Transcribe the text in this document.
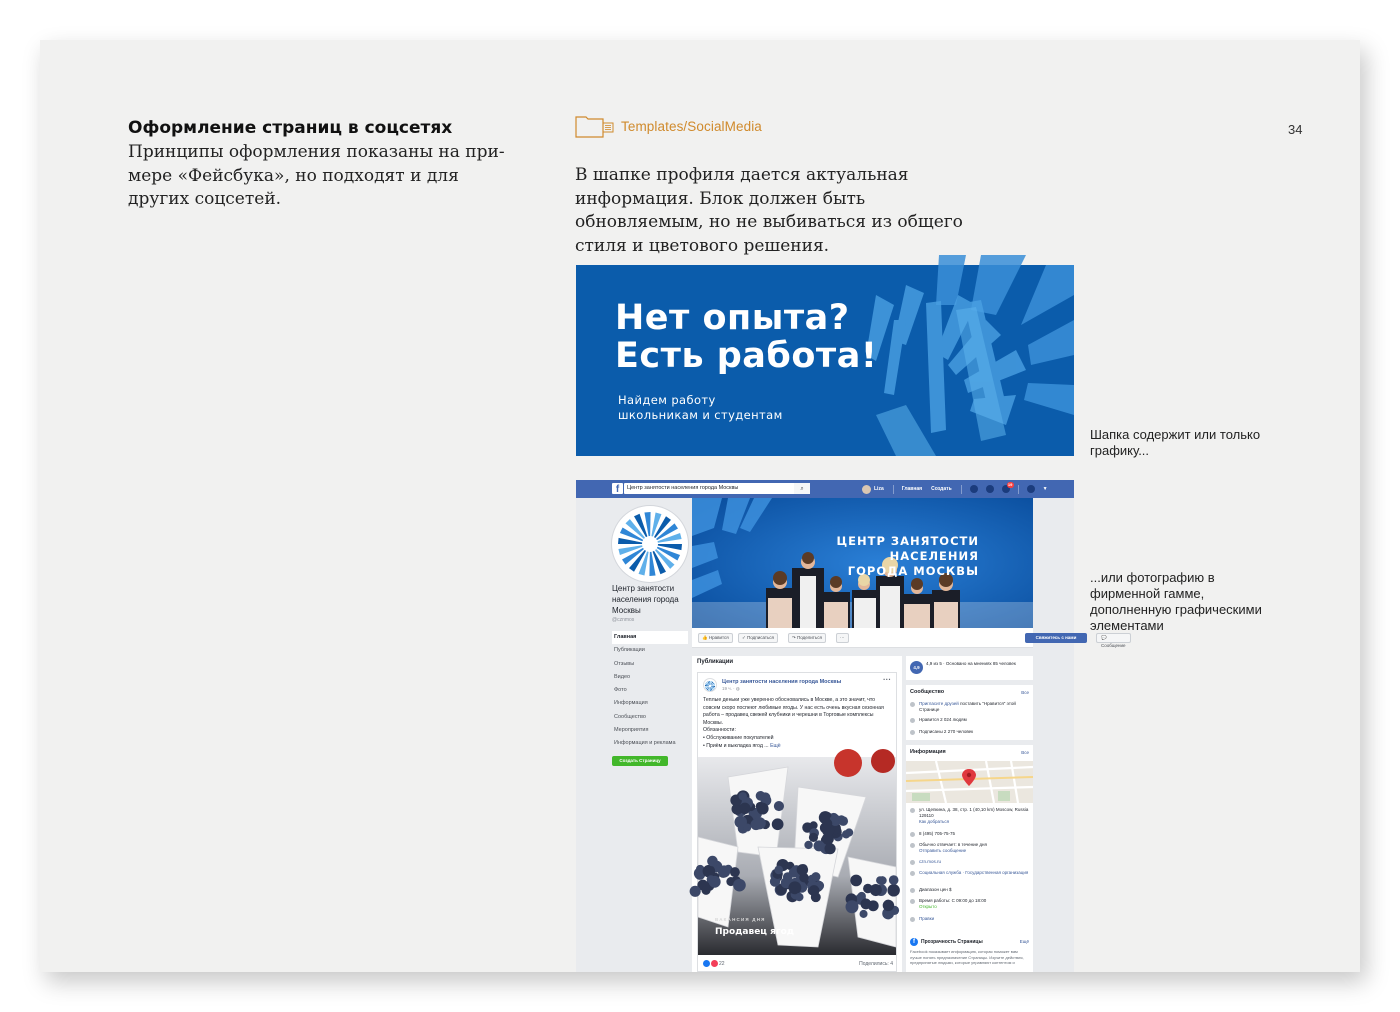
Оформление страниц в соцсетях
Принципы оформления показаны на примере «Фейсбука», но подходят и для других соцсетей.
Templates/SocialMedia	34
В шапке профиля дается актуальная информация. Блок должен быть обновляемым, но не выбиваться из общего стиля и цветового решения.
Нет опыта?
Есть работа!
Найдем работу
школьникам и студентам
Шапка содержит или только графику...
...или фотографию в фирменной гамме, дополненную графическими элементами
f	Центр занятости населения города Москвы	⌕	Liza	Главная Создать
19
▼
Центр занятости населения города Москвы
@cznmos
Главная
Публикации
Отзывы
Видео
Фото
Информация
Сообщество
Мероприятия
Информация и реклама
Создать Страницу
ЦЕНТР ЗАНЯТОСТИ
НАСЕЛЕНИЯ
ГОРОДА МОСКВЫ
👍 Нравится	✓ Подписаться	↷ Поделиться	···	Свяжитесь с нами	💬 Сообщение
Публикации
Центр занятости населения города Москвы
19 ч. · ◍
···
Теплые деньки уже уверенно обосновались в Москве, а это значит, что совсем скоро поспеют любимые ягоды. У нас есть очень вкусная сезонная работа – продавец свежей клубники и черешни в Торговые комплексы Москвы.
Обязанности:
• Обслуживание покупателей
• Приём и выкладка ягод ... Ещё
ВАКАНСИЯ ДНЯ
Продавец ягод
22	Поделились: 4
4,9
4,9 из 5 · Основано на мнениях 85 человек
Сообщество	Все
Пригласите друзей поставить "Нравится" этой Странице
Нравится 2 024 людям
Подписаны 2 270 человек
Информация	Все
ул. Щепкина, д. 38, стр. 1 (40,10 km) Moscow, Russia 129110
Как добраться
8 (495) 705-75-75
Обычно отвечает: в течение дня
Отправить сообщение
czn.mos.ru
Социальная служба · Государственная организация
Диапазон цен $
Время работы: С 09:00 до 18:00
Открыто
Правки
f	Прозрачность Страницы	Ещё
Facebook показывает информацию, которая поможет вам лучше понять предназначение Страницы. Изучите действия, предпринятые людьми, которые управляют контентом и
